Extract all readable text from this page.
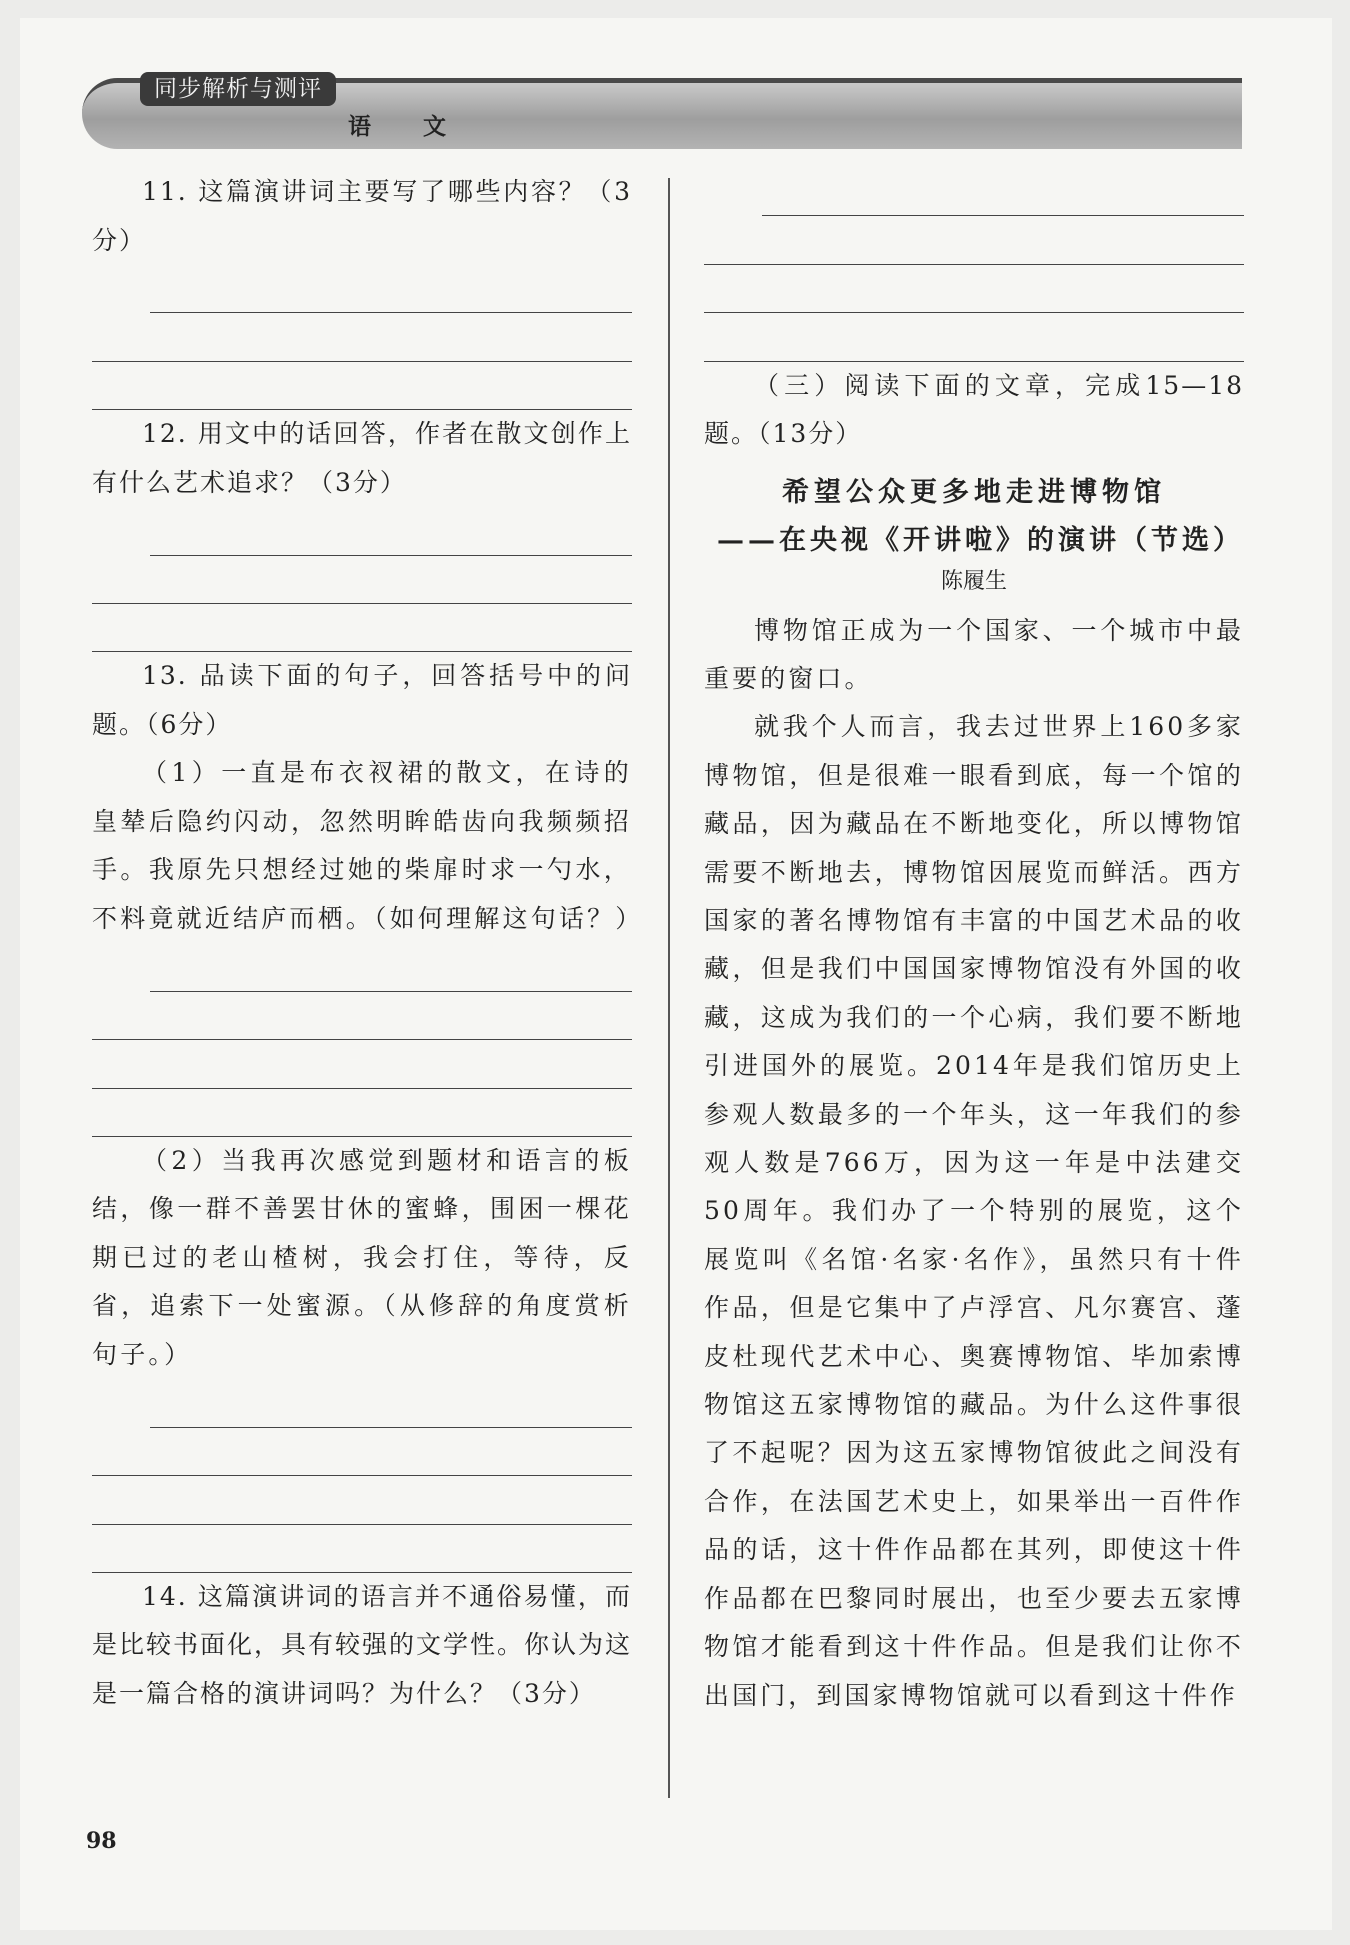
同步解析与测评
语 文

11. 这篇演讲词主要写了哪些内容？（3分）

12. 用文中的话回答，作者在散文创作上有什么艺术追求？（3分）

13. 品读下面的句子，回答括号中的问题。（6分）

（1）一直是布衣衩裙的散文，在诗的皇辇后隐约闪动，忽然明眸皓齿向我频频招手。我原先只想经过她的柴扉时求一勺水，不料竟就近结庐而栖。（如何理解这句话？）

（2）当我再次感觉到题材和语言的板结，像一群不善罢甘休的蜜蜂，围困一棵花期已过的老山楂树，我会打住，等待，反省，追索下一处蜜源。（从修辞的角度赏析句子。）

14. 这篇演讲词的语言并不通俗易懂，而是比较书面化，具有较强的文学性。你认为这是一篇合格的演讲词吗？为什么？（3分）

（三）阅读下面的文章，完成15—18题。（13分）

希望公众更多地走进博物馆

——在央视《开讲啦》的演讲（节选）

陈履生

博物馆正成为一个国家、一个城市中最重要的窗口。

就我个人而言，我去过世界上160多家博物馆，但是很难一眼看到底，每一个馆的藏品，因为藏品在不断地变化，所以博物馆需要不断地去，博物馆因展览而鲜活。西方国家的著名博物馆有丰富的中国艺术品的收藏，但是我们中国国家博物馆没有外国的收藏，这成为我们的一个心病，我们要不断地引进国外的展览。2014年是我们馆历史上参观人数最多的一个年头，这一年我们的参观人数是766万，因为这一年是中法建交50周年。我们办了一个特别的展览，这个展览叫《名馆·名家·名作》，虽然只有十件作品，但是它集中了卢浮宫、凡尔赛宫、蓬皮杜现代艺术中心、奥赛博物馆、毕加索博物馆这五家博物馆的藏品。为什么这件事很了不起呢？因为这五家博物馆彼此之间没有合作，在法国艺术史上，如果举出一百件作品的话，这十件作品都在其列，即使这十件作品都在巴黎同时展出，也至少要去五家博物馆才能看到这十件作品。但是我们让你不出国门，到国家博物馆就可以看到这十件作

98
